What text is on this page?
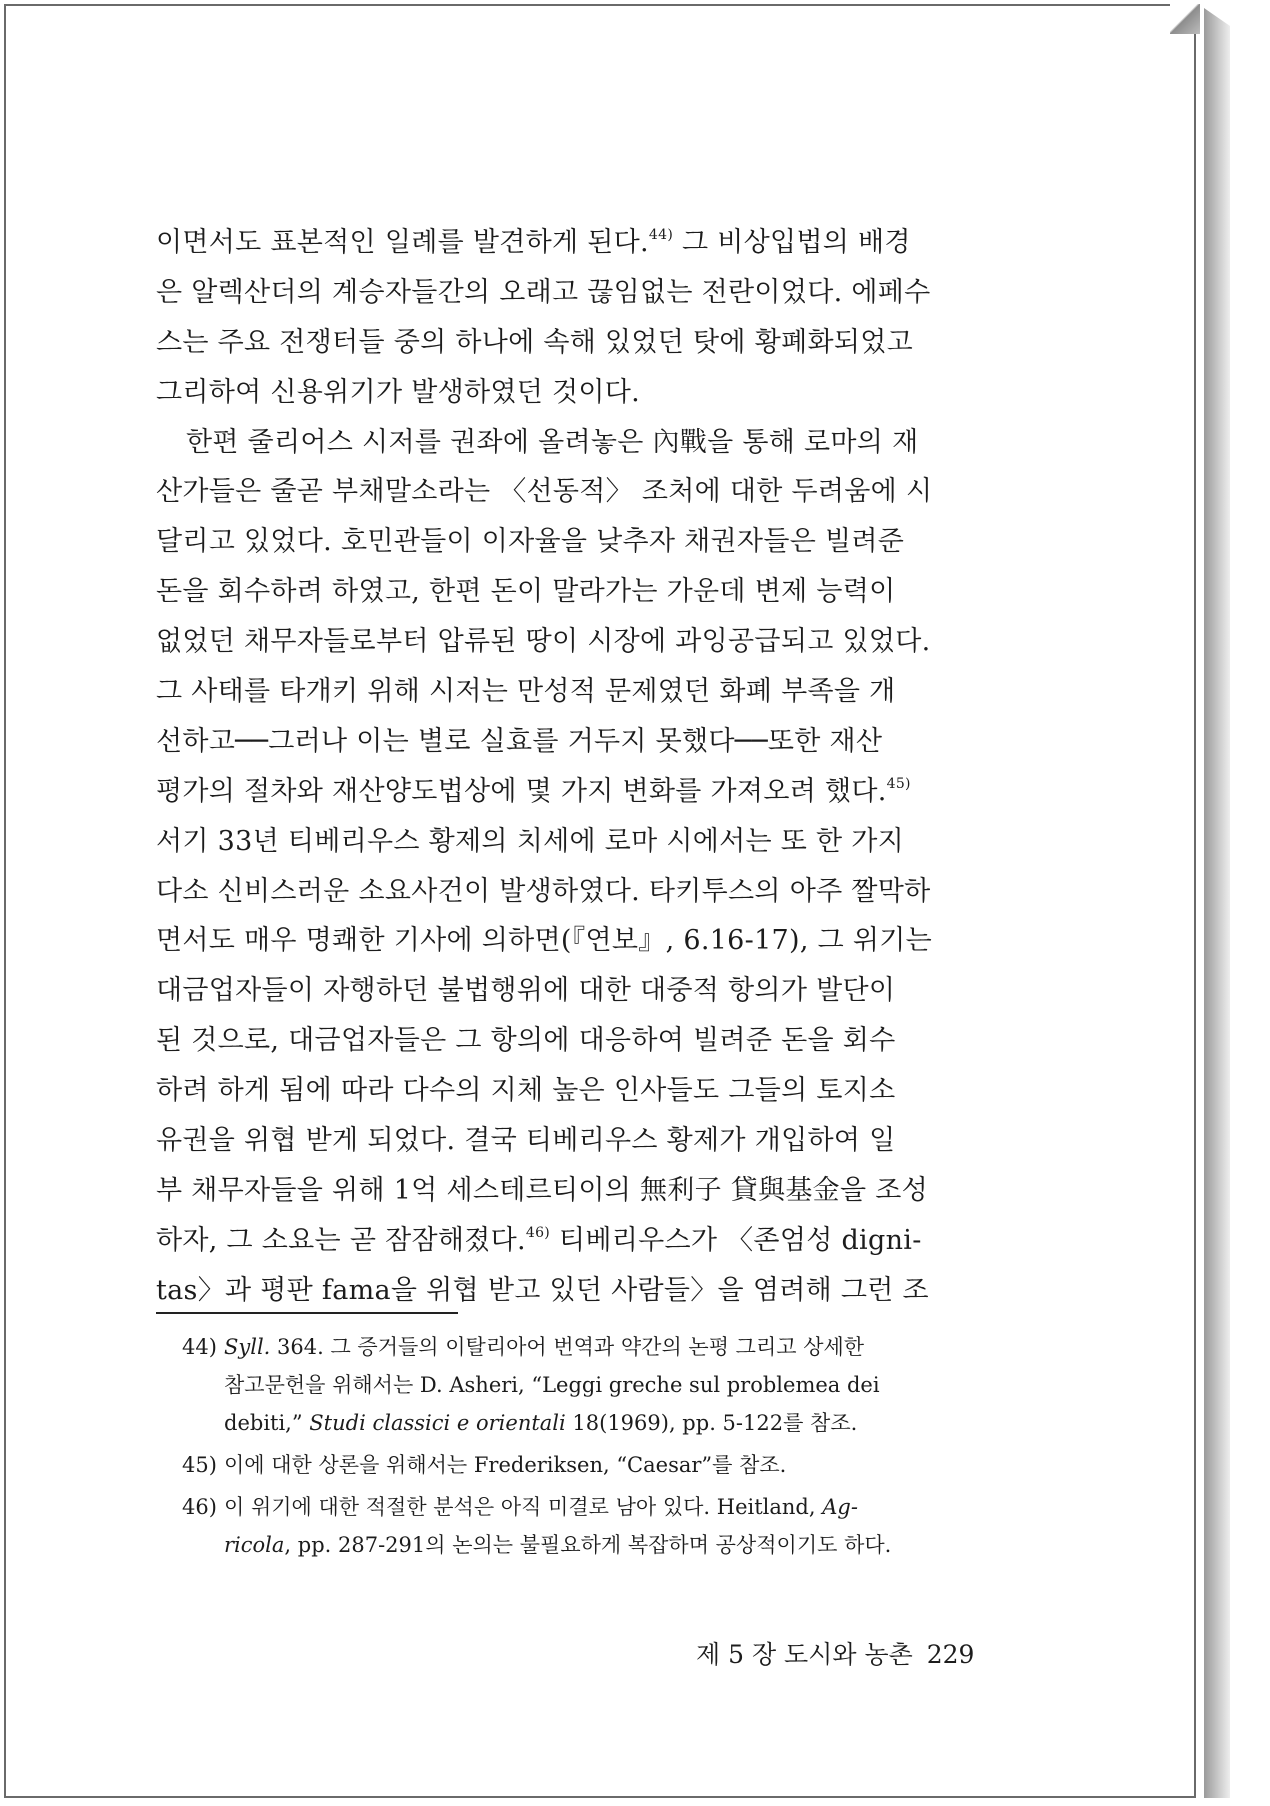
이면서도 표본적인 일례를 발견하게 된다.$^{44)}$ 그 비상입법의 배경
은 알렉산더의 계승자들간의 오래고 끊임없는 전란이었다. 에페수
스는 주요 전쟁터들 중의 하나에 속해 있었던 탓에 황폐화되었고
그리하여 신용위기가 발생하였던 것이다.
한편 줄리어스 시저를 권좌에 올려놓은 內戰을 통해 로마의 재
산가들은 줄곧 부채말소라는 〈선동적〉 조처에 대한 두려움에 시
달리고 있었다. 호민관들이 이자율을 낮추자 채권자들은 빌려준
돈을 회수하려 하였고, 한편 돈이 말라가는 가운데 변제 능력이
없었던 채무자들로부터 압류된 땅이 시장에 과잉공급되고 있었다.
그 사태를 타개키 위해 시저는 만성적 문제였던 화폐 부족을 개
선하고──그러나 이는 별로 실효를 거두지 못했다──또한 재산
평가의 절차와 재산양도법상에 몇 가지 변화를 가져오려 했다.$^{45)}$
서기 33년 티베리우스 황제의 치세에 로마 시에서는 또 한 가지
다소 신비스러운 소요사건이 발생하였다. 타키투스의 아주 짤막하
면서도 매우 명쾌한 기사에 의하면(『연보』, 6.16-17), 그 위기는
대금업자들이 자행하던 불법행위에 대한 대중적 항의가 발단이
된 것으로, 대금업자들은 그 항의에 대응하여 빌려준 돈을 회수
하려 하게 됨에 따라 다수의 지체 높은 인사들도 그들의 토지소
유권을 위협 받게 되었다. 결국 티베리우스 황제가 개입하여 일
부 채무자들을 위해 1억 세스테르티이의 無利子 貸與基金을 조성
하자, 그 소요는 곧 잠잠해졌다.$^{46)}$ 티베리우스가 〈존엄성 digni-
tas〉과 평판 fama을 위협 받고 있던 사람들〉을 염려해 그런 조
44) Syll. 364. 그 증거들의 이탈리아어 번역과 약간의 논평 그리고 상세한
참고문헌을 위해서는 D. Asheri, “Leggi greche sul problemea dei
debiti,” Studi classici e orientali 18(1969), pp. 5-122를 참조.
45) 이에 대한 상론을 위해서는 Frederiksen, “Caesar”를 참조.
46) 이 위기에 대한 적절한 분석은 아직 미결로 남아 있다. Heitland, Ag-
ricola, pp. 287-291의 논의는 불필요하게 복잡하며 공상적이기도 하다.
제 5 장 도시와 농촌 229
